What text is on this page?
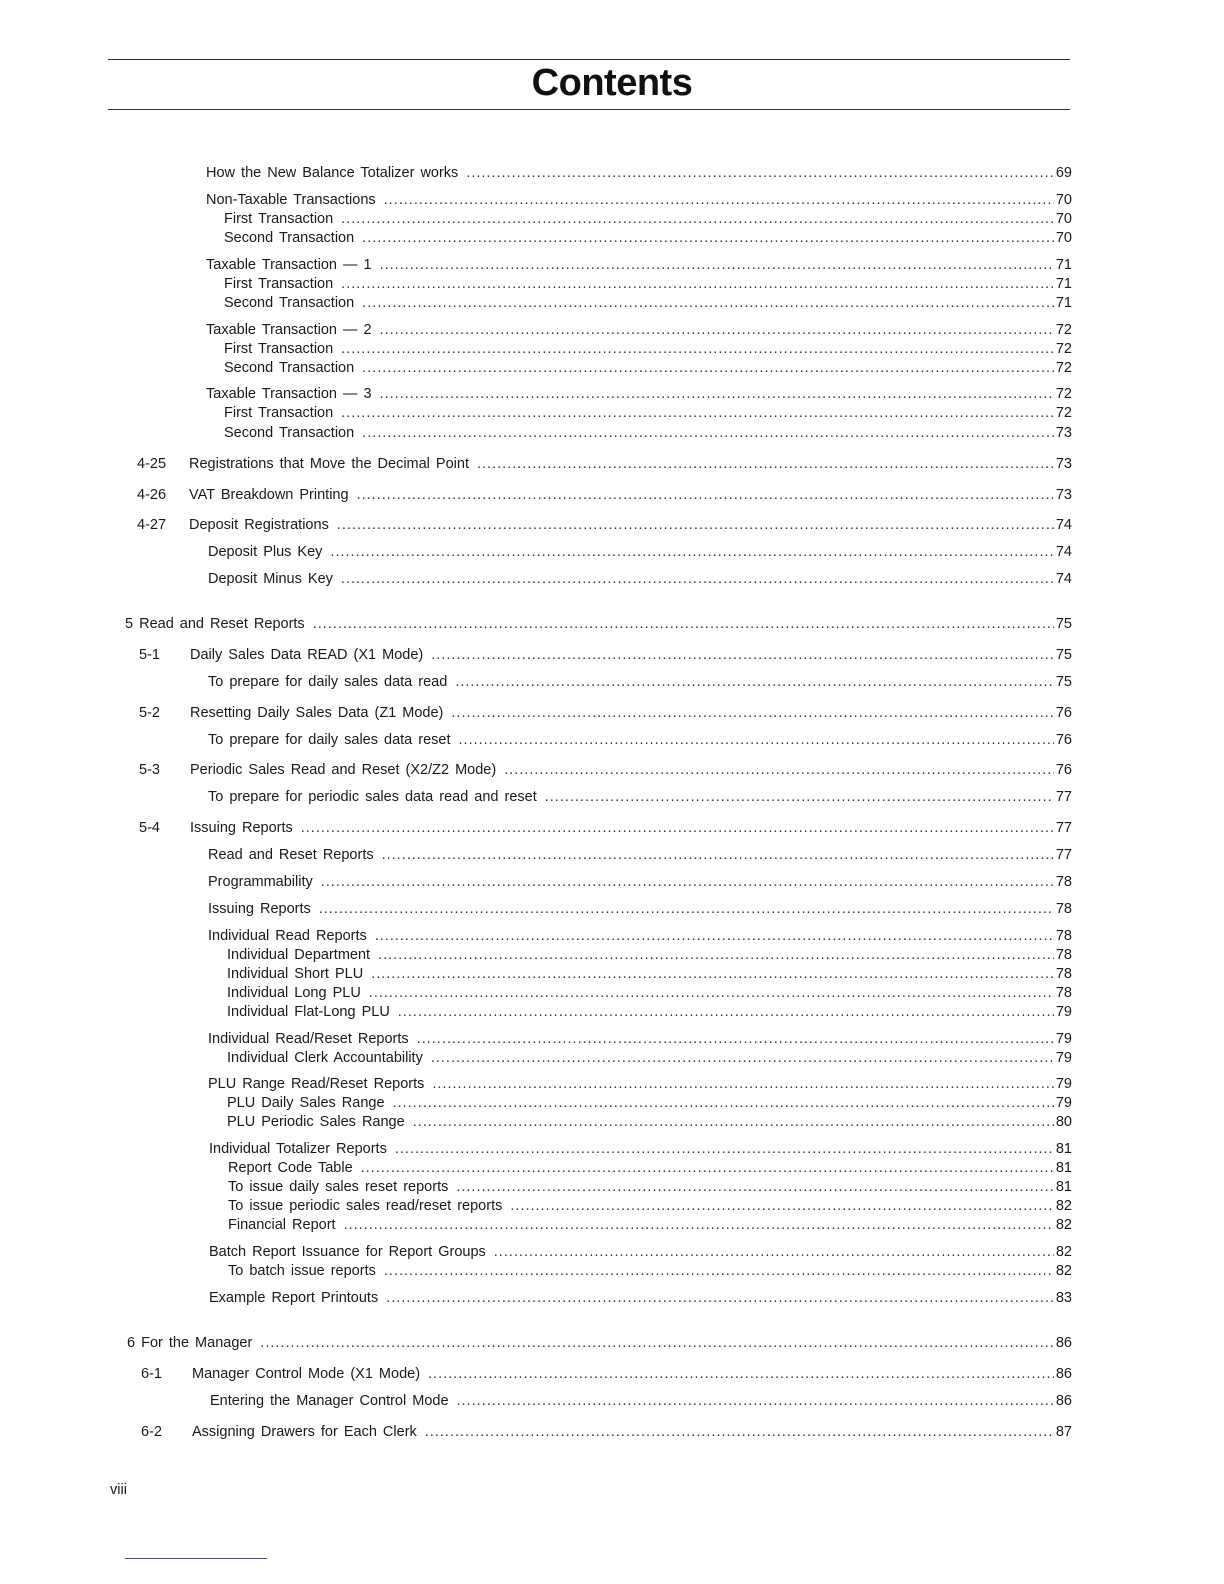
Contents
How the New Balance Totalizer works .....	69
Non-Taxable Transactions .....	70
First Transaction .....	70
Second Transaction .....	70
Taxable Transaction — 1 .....	71
First Transaction .....	71
Second Transaction .....	71
Taxable Transaction — 2 .....	72
First Transaction .....	72
Second Transaction .....	72
Taxable Transaction — 3 .....	72
First Transaction .....	72
Second Transaction .....	73
4-25 Registrations that Move the Decimal Point .....	73
4-26 VAT Breakdown Printing .....	73
4-27 Deposit Registrations .....	74
Deposit Plus Key .....	74
Deposit Minus Key .....	74
5 Read and Reset Reports .....	75
5-1 Daily Sales Data READ (X1 Mode) .....	75
To prepare for daily sales data read .....	75
5-2 Resetting Daily Sales Data (Z1 Mode) .....	76
To prepare for daily sales data reset .....	76
5-3 Periodic Sales Read and Reset (X2/Z2 Mode) .....	76
To prepare for periodic sales data read and reset .....	77
5-4 Issuing Reports .....	77
Read and Reset Reports .....	77
Programmability .....	78
Issuing Reports .....	78
Individual Read Reports .....	78
Individual Department .....	78
Individual Short PLU .....	78
Individual Long PLU .....	78
Individual Flat-Long PLU .....	79
Individual Read/Reset Reports .....	79
Individual Clerk Accountability .....	79
PLU Range Read/Reset Reports .....	79
PLU Daily Sales Range .....	79
PLU Periodic Sales Range .....	80
Individual Totalizer Reports .....	81
Report Code Table .....	81
To issue daily sales reset reports .....	81
To issue periodic sales read/reset reports .....	82
Financial Report .....	82
Batch Report Issuance for Report Groups .....	82
To batch issue reports .....	82
Example Report Printouts .....	83
6 For the Manager .....	86
6-1 Manager Control Mode (X1 Mode) .....	86
Entering the Manager Control Mode .....	86
6-2 Assigning Drawers for Each Clerk .....	87
viii
